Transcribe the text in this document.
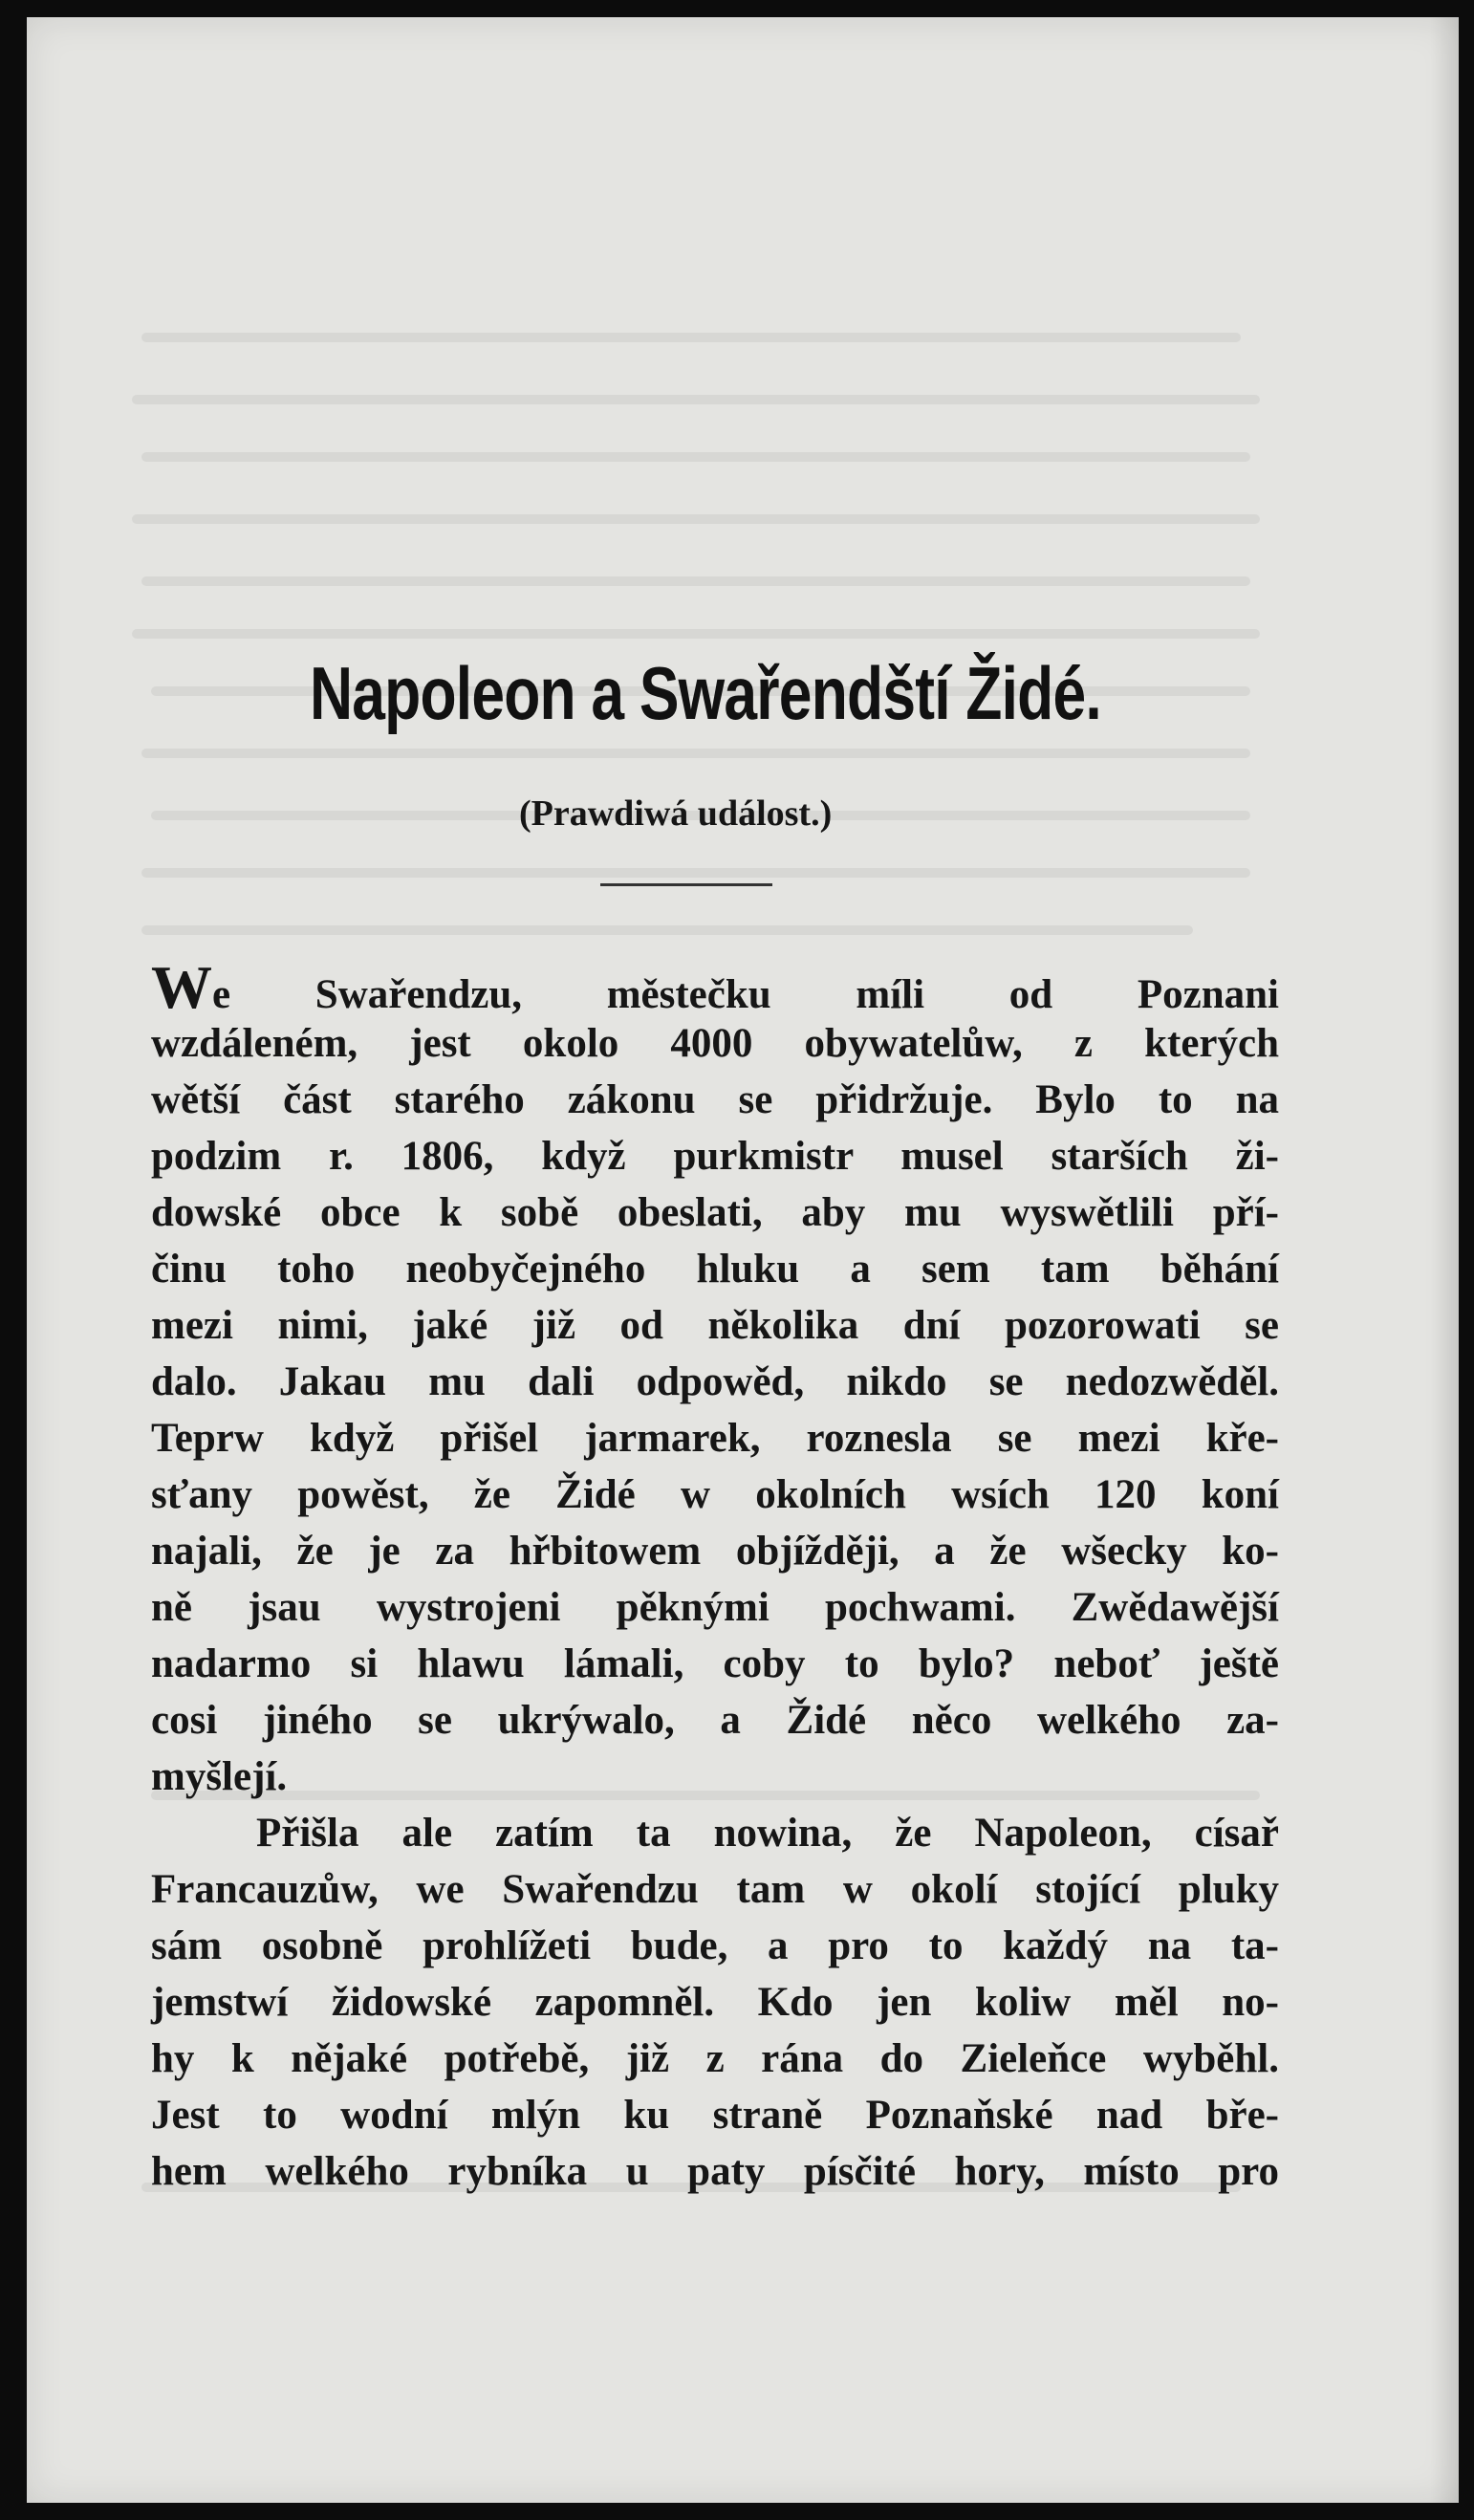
Napoleon a Swařendští Židé.
(Prawdiwá událost.)

We Swařendzu, městečku míli od Poznani
wzdáleném, jest okolo 4000 obywatelůw, z kterých
wětší část starého zákonu se přidržuje. Bylo to na
podzim r. 1806, když purkmistr musel starších ži-
dowské obce k sobě obeslati, aby mu wyswětlili pří-
činu toho neobyčejného hluku a sem tam běhání
mezi nimi, jaké již od několika dní pozorowati se
dalo. Jakau mu dali odpowěd, nikdo se nedozwěděl.
Teprw když přišel jarmarek, roznesla se mezi kře-
sťany powěst, že Židé w okolních wsích 120 koní
najali, že je za hřbitowem objížději, a že wšecky ko-
ně jsau wystrojeni pěknými pochwami. Zwědawější
nadarmo si hlawu lámali, coby to bylo? neboť ještě
cosi jiného se ukrýwalo, a Židé něco welkého za-
myšlejí.

Přišla ale zatím ta nowina, že Napoleon, císař
Francauzůw, we Swařendzu tam w okolí stojící pluky
sám osobně prohlížeti bude, a pro to každý na ta-
jemstwí židowské zapomněl. Kdo jen koliw měl no-
hy k nějaké potřebě, již z rána do Zieleňce wyběhl.
Jest to wodní mlýn ku straně Poznaňské nad bře-
hem welkého rybníka u paty písčité hory, místo pro
